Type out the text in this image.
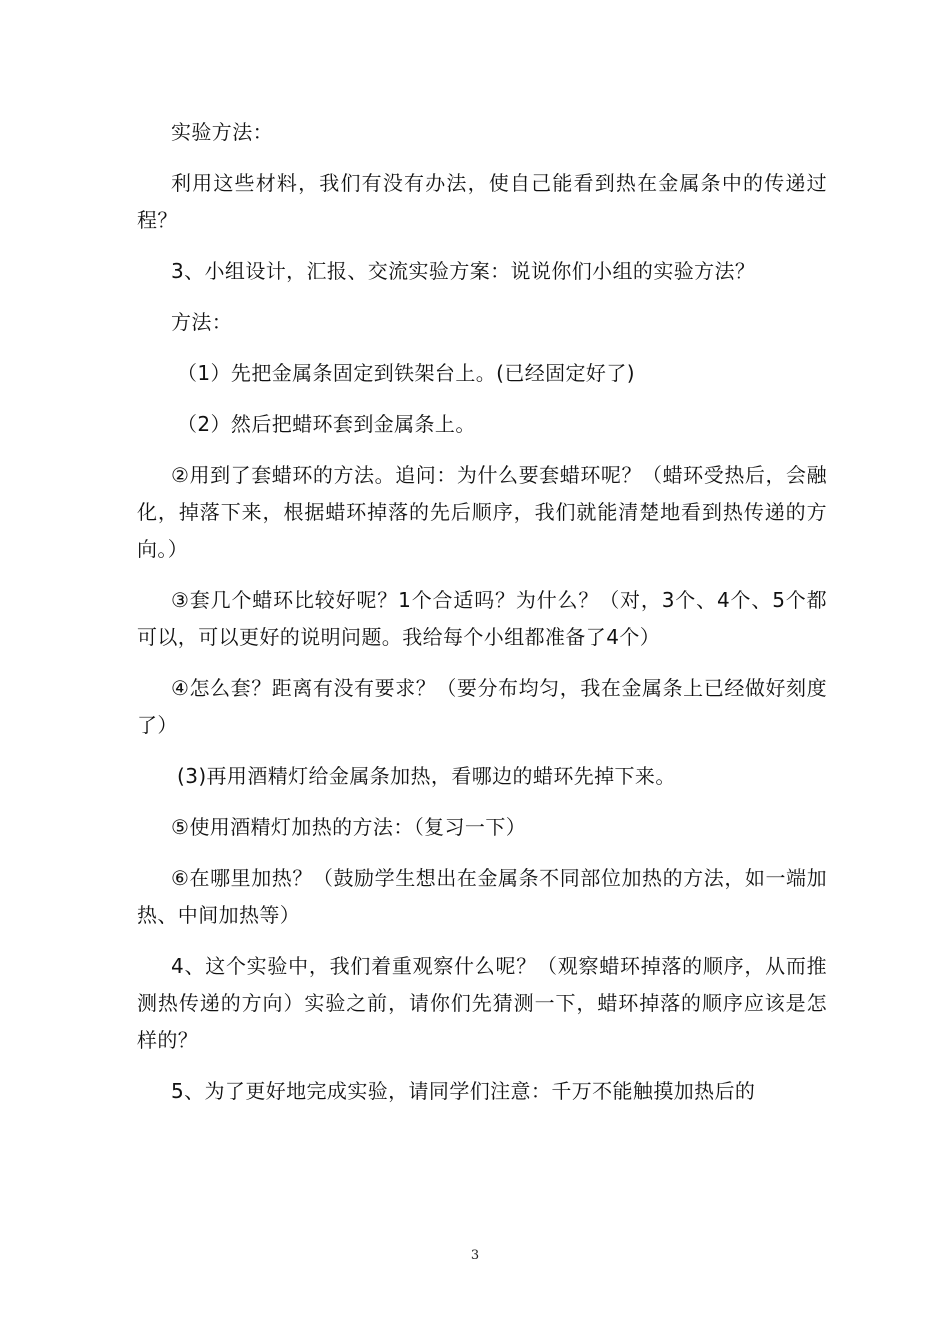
实验方法：

利用这些材料，我们有没有办法，使自己能看到热在金属条中的传递过程？

3、小组设计，汇报、交流实验方案：说说你们小组的实验方法？

方法：

（1）先把金属条固定到铁架台上。(已经固定好了)

（2）然后把蜡环套到金属条上。

②用到了套蜡环的方法。追问：为什么要套蜡环呢？（蜡环受热后，会融化，掉落下来，根据蜡环掉落的先后顺序，我们就能清楚地看到热传递的方向。）

③套几个蜡环比较好呢？1个合适吗？为什么？（对，3个、4个、5个都可以，可以更好的说明问题。我给每个小组都准备了4个）

④怎么套？距离有没有要求？（要分布均匀，我在金属条上已经做好刻度了）

(3)再用酒精灯给金属条加热，看哪边的蜡环先掉下来。

⑤使用酒精灯加热的方法：（复习一下）

⑥在哪里加热？（鼓励学生想出在金属条不同部位加热的方法，如一端加热、中间加热等）

4、这个实验中，我们着重观察什么呢？（观察蜡环掉落的顺序，从而推测热传递的方向）实验之前，请你们先猜测一下，蜡环掉落的顺序应该是怎样的？

5、为了更好地完成实验，请同学们注意：千万不能触摸加热后的

3
